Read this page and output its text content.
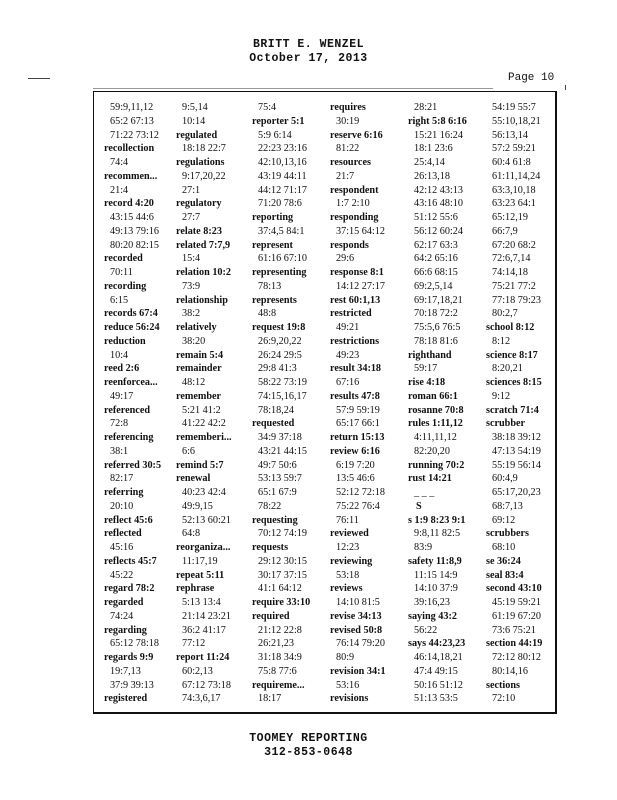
BRITT E. WENZEL
October 17, 2013
Page 10
59:9,11,12
65:2 67:13
71:22 73:12
recollection
74:4
recommen...
21:4
record 4:20
43:15 44:6
49:13 79:16
80:20 82:15
recorded
70:11
recording
6:15
records 67:4
reduce 56:24
reduction
10:4
reed 2:6
reenforcea...
49:17
referenced
72:8
referencing
38:1
referred 30:5
82:17
referring
20:10
reflect 45:6
reflected
45:16
reflects 45:7
45:22
regard 78:2
regarded
74:24
regarding
65:12 78:18
regards 9:9
19:7,13
37:9 39:13
registered
9:5,14
10:14
regulated
18:18 22:7
regulations
9:17,20,22
27:1
regulatory
27:7
relate 8:23
related 7:7,9
15:4
relation 10:2
73:9
relationship
38:2
relatively
38:20
remain 5:4
remainder
48:12
remember
5:21 41:2
41:22 42:2
rememberi...
6:6
remind 5:7
renewal
40:23 42:4
49:9,15
52:13 60:21
64:8
reorganiza...
11:17,19
repeat 5:11
rephrase
5:13 13:4
21:14 23:21
36:2 41:17
77:12
report 11:24
60:2,13
67:12 73:18
74:3,6,17
75:4
reporter 5:1
5:9 6:14
22:23 23:16
42:10,13,16
43:19 44:11
44:12 71:17
71:20 78:6
reporting
37:4,5 84:1
represent
61:16 67:10
representing
78:13
represents
48:8
request 19:8
26:9,20,22
26:24 29:5
29:8 41:3
58:22 73:19
74:15,16,17
78:18,24
requested
34:9 37:18
43:21 44:15
49:7 50:6
53:13 59:7
65:1 67:9
78:22
requesting
70:12 74:19
requests
29:12 30:15
30:17 37:15
41:1 64:12
require 33:10
required
21:12 22:8
26:21,23
31:18 34:9
75:8 77:6
requireme...
18:17
requires
30:19
reserve 6:16
81:22
resources
21:7
respondent
1:7 2:10
responding
37:15 64:12
responds
29:6
response 8:1
14:12 27:17
rest 60:1,13
restricted
49:21
restrictions
49:23
result 34:18
67:16
results 47:8
57:9 59:19
65:17 66:1
return 15:13
review 6:16
6:19 7:20
13:5 46:6
52:12 72:18
75:22 76:4
76:11
reviewed
12:23
reviewing
53:18
reviews
14:10 81:5
revise 34:13
revised 50:8
76:14 79:20
80:9
revision 34:1
53:16
revisions
28:21
right 5:8 6:16
15:21 16:24
18:1 23:6
25:4,14
26:13,18
42:12 43:13
43:16 48:10
51:12 55:6
56:12 60:24
62:17 63:3
64:2 65:16
66:6 68:15
69:2,5,14
69:17,18,21
70:18 72:2
75:5,6 76:5
78:18 81:6
righthand
59:17
rise 4:18
roman 66:1
rosanne 70:8
rules 1:11,12
4:11,11,12
82:20,20
running 70:2
rust 14:21
_ _ _
S
s 1:9 8:23 9:1
9:8,11 82:5
83:9
safety 11:8,9
11:15 14:9
14:10 37:9
39:16,23
saying 43:2
56:22
says 44:23,23
46:14,18,21
47:4 49:15
50:16 51:12
51:13 53:5
54:19 55:7
55:10,18,21
56:13,14
57:2 59:21
60:4 61:8
61:11,14,24
63:3,10,18
63:23 64:1
65:12,19
66:7,9
67:20 68:2
72:6,7,14
74:14,18
75:21 77:2
77:18 79:23
80:2,7
school 8:12
8:12
science 8:17
8:20,21
sciences 8:15
9:12
scratch 71:4
scrubber
38:18 39:12
47:13 54:19
55:19 56:14
60:4,9
65:17,20,23
68:7,13
69:12
scrubbers
68:10
se 36:24
seal 83:4
second 43:10
45:19 59:21
61:19 67:20
73:6 75:21
section 44:19
72:12 80:12
80:14,16
sections
72:10
TOOMEY REPORTING
312-853-0648
